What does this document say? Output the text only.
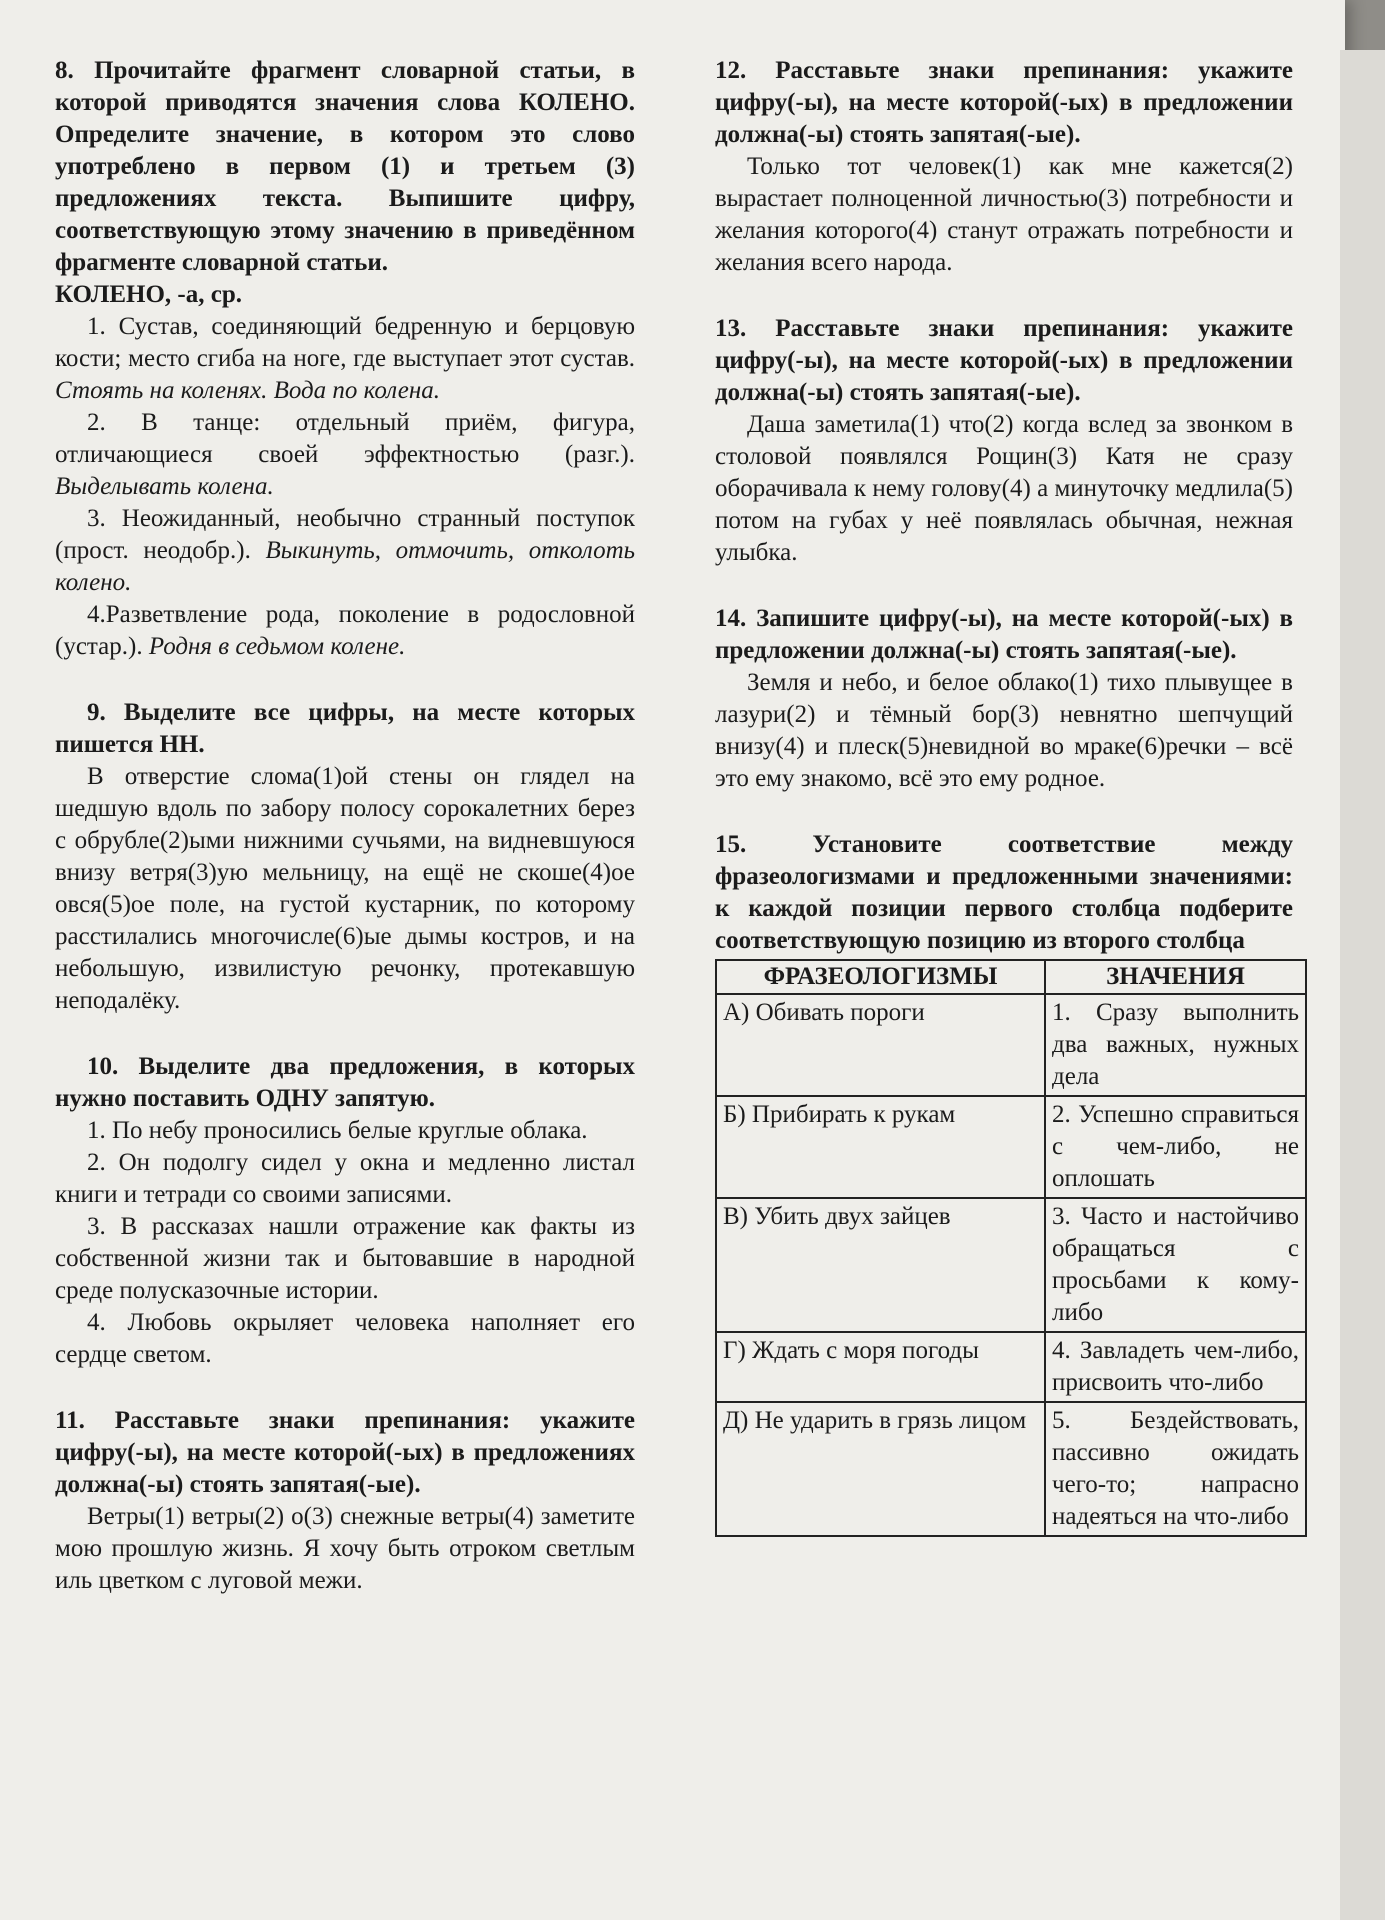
8. Прочитайте фрагмент словарной статьи, в которой приводятся значения слова КОЛЕНО. Определите значение, в котором это слово употреблено в первом (1) и третьем (3) предложениях текста. Выпишите цифру, соответствующую этому значению в приведённом фрагменте словарной статьи.

КОЛЕНО, -а, ср.

1. Сустав, соединяющий бедренную и берцовую кости; место сгиба на ноге, где выступает этот сустав. Стоять на коленях. Вода по колена.

2. В танце: отдельный приём, фигура, отличающиеся своей эффектностью (разг.). Выделывать колена.

3. Неожиданный, необычно странный поступок (прост. неодобр.). Выкинуть, отмочить, отколоть колено.

4.Разветвление рода, поколение в родословной (устар.). Родня в седьмом колене.

9. Выделите все цифры, на месте которых пишется НН.

В отверстие слома(1)ой стены он глядел на шедшую вдоль по забору полосу сорокалетних берез с обрубле(2)ыми нижними сучьями, на видневшуюся внизу ветря(3)ую мельницу, на ещё не скоше(4)ое овся(5)ое поле, на густой кустарник, по которому расстилались многочисле(6)ые дымы костров, и на небольшую, извилистую речонку, протекавшую неподалёку.

10. Выделите два предложения, в которых нужно поставить ОДНУ запятую.

1. По небу проносились белые круглые облака.

2. Он подолгу сидел у окна и медленно листал книги и тетради со своими записями.

3. В рассказах нашли отражение как факты из собственной жизни так и бытовавшие в народной среде полусказочные истории.

4. Любовь окрыляет человека наполняет его сердце светом.

11. Расставьте знаки препинания: укажите цифру(-ы), на месте которой(-ых) в предложениях должна(-ы) стоять запятая(-ые).

Ветры(1) ветры(2) о(3) снежные ветры(4) заметите мою прошлую жизнь. Я хочу быть отроком светлым иль цветком с луговой межи.

12. Расставьте знаки препинания: укажите цифру(-ы), на месте которой(-ых) в предложении должна(-ы) стоять запятая(-ые).

Только тот человек(1) как мне кажется(2) вырастает полноценной личностью(3) потребности и желания которого(4) станут отражать потребности и желания всего народа.

13. Расставьте знаки препинания: укажите цифру(-ы), на месте которой(-ых) в предложении должна(-ы) стоять запятая(-ые).

Даша заметила(1) что(2) когда вслед за звонком в столовой появлялся Рощин(3) Катя не сразу оборачивала к нему голову(4) а минуточку медлила(5) потом на губах у неё появлялась обычная, нежная улыбка.

14. Запишите цифру(-ы), на месте которой(-ых) в предложении должна(-ы) стоять запятая(-ые).

Земля и небо, и белое облако(1) тихо плывущее в лазури(2) и тёмный бор(3) невнятно шепчущий внизу(4) и плеск(5)невидной во мраке(6)речки – всё это ему знакомо, всё это ему родное.

15. Установите соответствие между фразеологизмами и предложенными значениями: к каждой позиции первого столбца подберите соответствующую позицию из второго столбца

ФРАЗЕОЛОГИЗМЫ	ЗНАЧЕНИЯ
А) Обивать пороги	1. Сразу выполнить два важных, нужных дела
Б) Прибирать к рукам	2. Успешно справиться с чем-либо, не оплошать
В) Убить двух зайцев	3. Часто и настойчиво обращаться с просьбами к кому-либо
Г) Ждать с моря погоды	4. Завладеть чем-либо, присвоить что-либо
Д) Не ударить в грязь лицом	5. Бездействовать, пассивно ожидать чего-то; напрасно надеяться на что-либо
